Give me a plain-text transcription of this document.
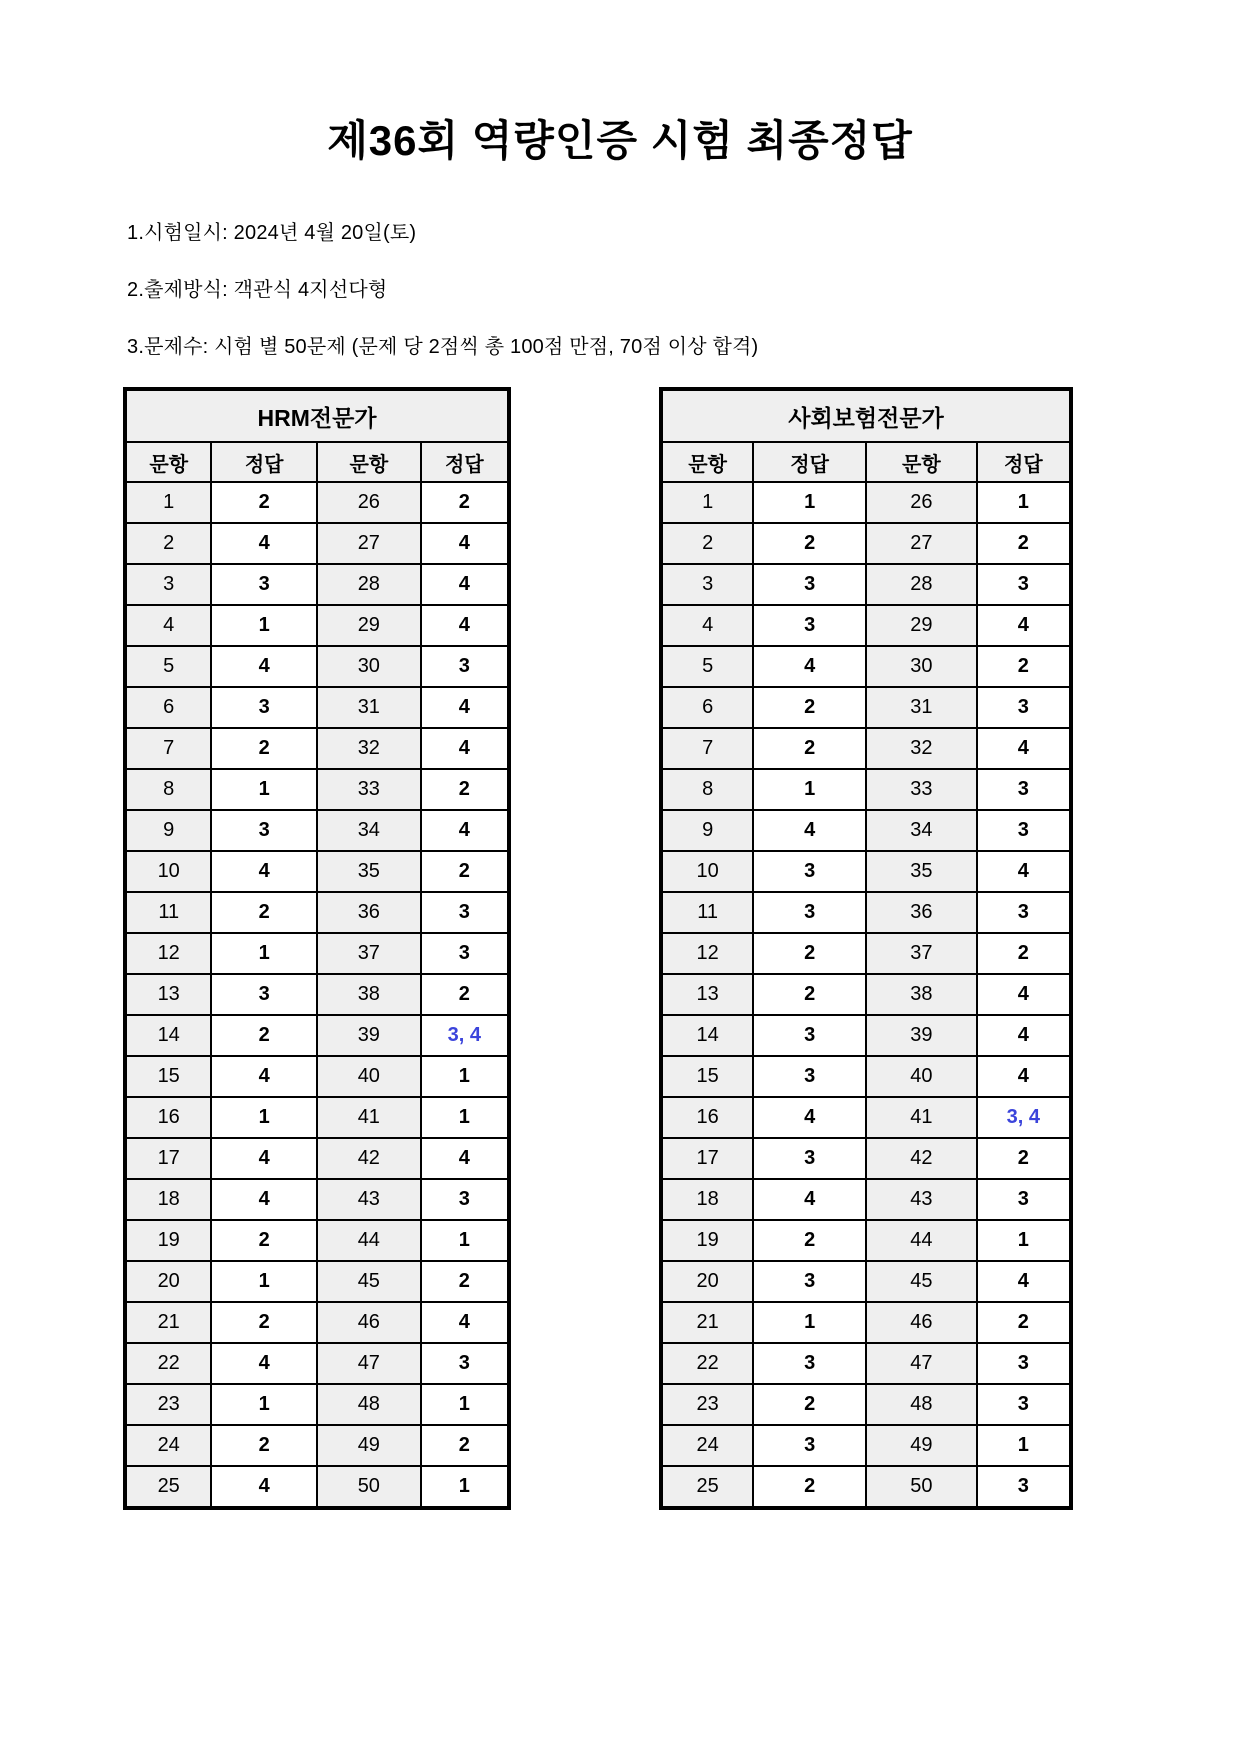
제36회 역량인증 시험 최종정답

1.시험일시: 2024년 4월 20일(토)

2.출제방식: 객관식 4지선다형

3.문제수: 시험 별 50문제 (문제 당 2점씩 총 100점 만점, 70점 이상 합격)

HRM전문가			
문항	정답	문항	정답
1	2	26	2
2	4	27	4
3	3	28	4
4	1	29	4
5	4	30	3
6	3	31	4
7	2	32	4
8	1	33	2
9	3	34	4
10	4	35	2
11	2	36	3
12	1	37	3
13	3	38	2
14	2	39	3, 4
15	4	40	1
16	1	41	1
17	4	42	4
18	4	43	3
19	2	44	1
20	1	45	2
21	2	46	4
22	4	47	3
23	1	48	1
24	2	49	2
25	4	50	1
사회보험전문가			
문항	정답	문항	정답
1	1	26	1
2	2	27	2
3	3	28	3
4	3	29	4
5	4	30	2
6	2	31	3
7	2	32	4
8	1	33	3
9	4	34	3
10	3	35	4
11	3	36	3
12	2	37	2
13	2	38	4
14	3	39	4
15	3	40	4
16	4	41	3, 4
17	3	42	2
18	4	43	3
19	2	44	1
20	3	45	4
21	1	46	2
22	3	47	3
23	2	48	3
24	3	49	1
25	2	50	3
